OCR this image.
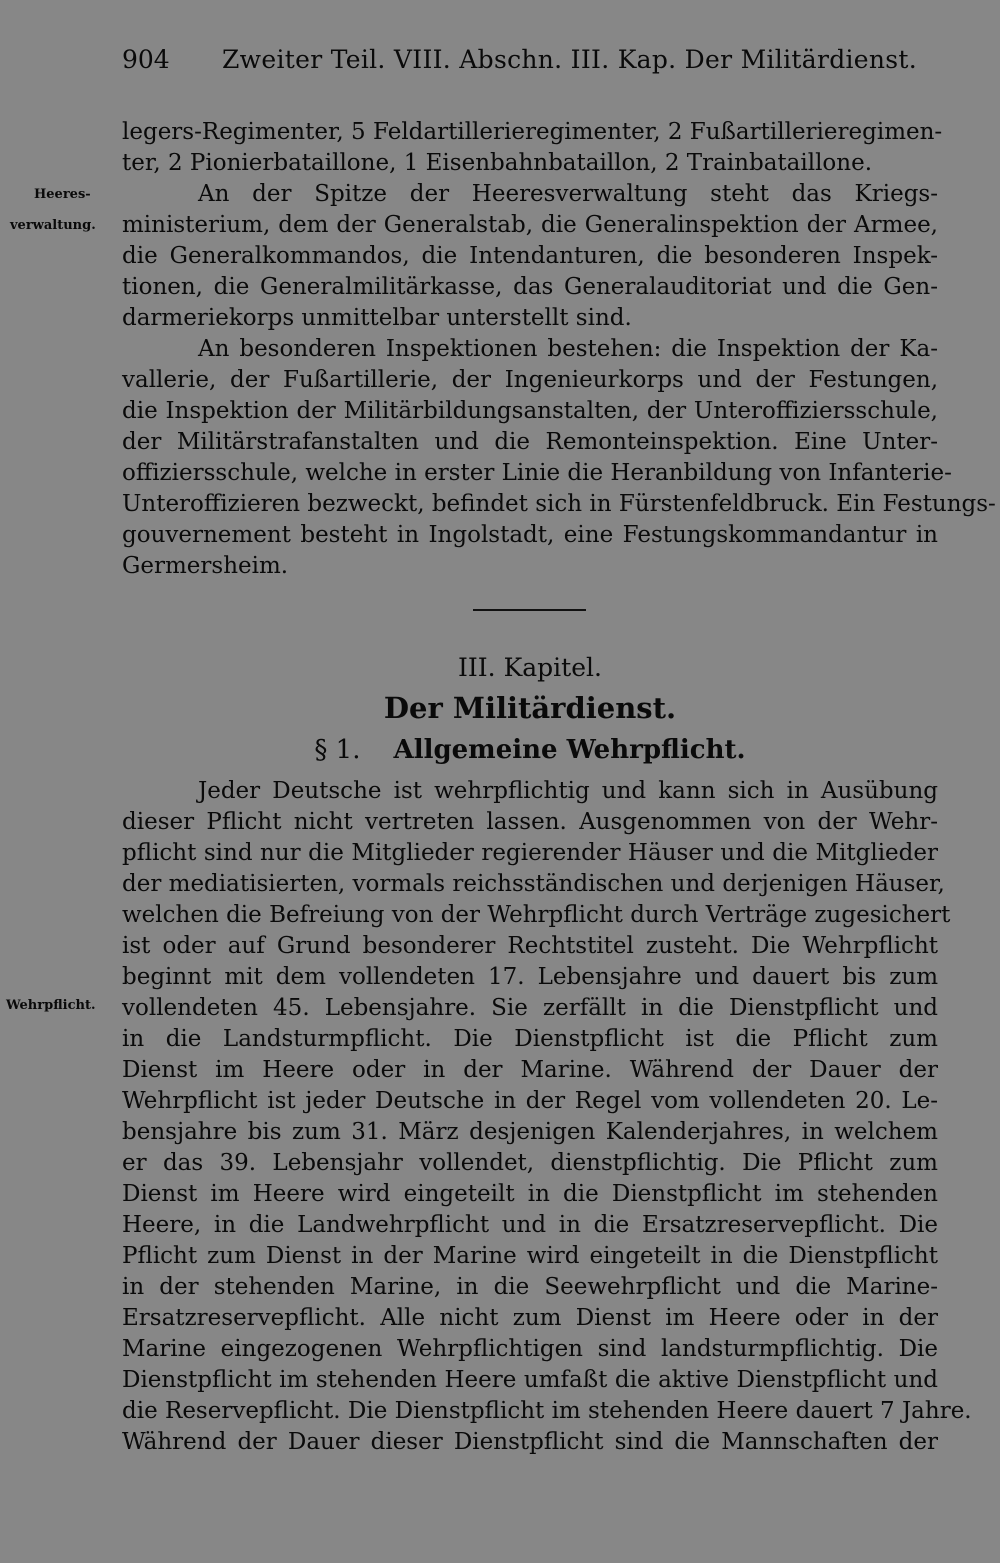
904 Zweiter Teil. VIII. Abschn. III. Kap. Der Militärdienst.
legers-Regimenter, 5 Feldartillerieregimenter, 2 Fußartillerieregimen-
ter, 2 Pionierbataillone, 1 Eisenbahnbataillon, 2 Trainbataillone.
An der Spitze der Heeresverwaltung steht das Kriegs-
ministerium, dem der Generalstab, die Generalinspektion der Armee,
die Generalkommandos, die Intendanturen, die besonderen Inspek-
tionen, die Generalmilitärkasse, das Generalauditoriat und die Gen-
darmeriekorps unmittelbar unterstellt sind.
An besonderen Inspektionen bestehen: die Inspektion der Ka-
vallerie, der Fußartillerie, der Ingenieurkorps und der Festungen,
die Inspektion der Militärbildungsanstalten, der Unteroffiziersschule,
der Militärstrafanstalten und die Remonteinspektion. Eine Unter-
offiziersschule, welche in erster Linie die Heranbildung von Infanterie-
Unteroffizieren bezweckt, befindet sich in Fürstenfeldbruck. Ein Festungs-
gouvernement besteht in Ingolstadt, eine Festungskommandantur in
Germersheim.
Heeres-
verwaltung.
Wehrpflicht.
III. Kapitel.
Der Militärdienst.
§ 1. Allgemeine Wehrpflicht.
Jeder Deutsche ist wehrpflichtig und kann sich in Ausübung
dieser Pflicht nicht vertreten lassen. Ausgenommen von der Wehr-
pflicht sind nur die Mitglieder regierender Häuser und die Mitglieder
der mediatisierten, vormals reichsständischen und derjenigen Häuser,
welchen die Befreiung von der Wehrpflicht durch Verträge zugesichert
ist oder auf Grund besonderer Rechtstitel zusteht. Die Wehrpflicht
beginnt mit dem vollendeten 17. Lebensjahre und dauert bis zum
vollendeten 45. Lebensjahre. Sie zerfällt in die Dienstpflicht und
in die Landsturmpflicht. Die Dienstpflicht ist die Pflicht zum
Dienst im Heere oder in der Marine. Während der Dauer der
Wehrpflicht ist jeder Deutsche in der Regel vom vollendeten 20. Le-
bensjahre bis zum 31. März desjenigen Kalenderjahres, in welchem
er das 39. Lebensjahr vollendet, dienstpflichtig. Die Pflicht zum
Dienst im Heere wird eingeteilt in die Dienstpflicht im stehenden
Heere, in die Landwehrpflicht und in die Ersatzreservepflicht. Die
Pflicht zum Dienst in der Marine wird eingeteilt in die Dienstpflicht
in der stehenden Marine, in die Seewehrpflicht und die Marine-
Ersatzreservepflicht. Alle nicht zum Dienst im Heere oder in der
Marine eingezogenen Wehrpflichtigen sind landsturmpflichtig. Die
Dienstpflicht im stehenden Heere umfaßt die aktive Dienstpflicht und
die Reservepflicht. Die Dienstpflicht im stehenden Heere dauert 7 Jahre.
Während der Dauer dieser Dienstpflicht sind die Mannschaften der
